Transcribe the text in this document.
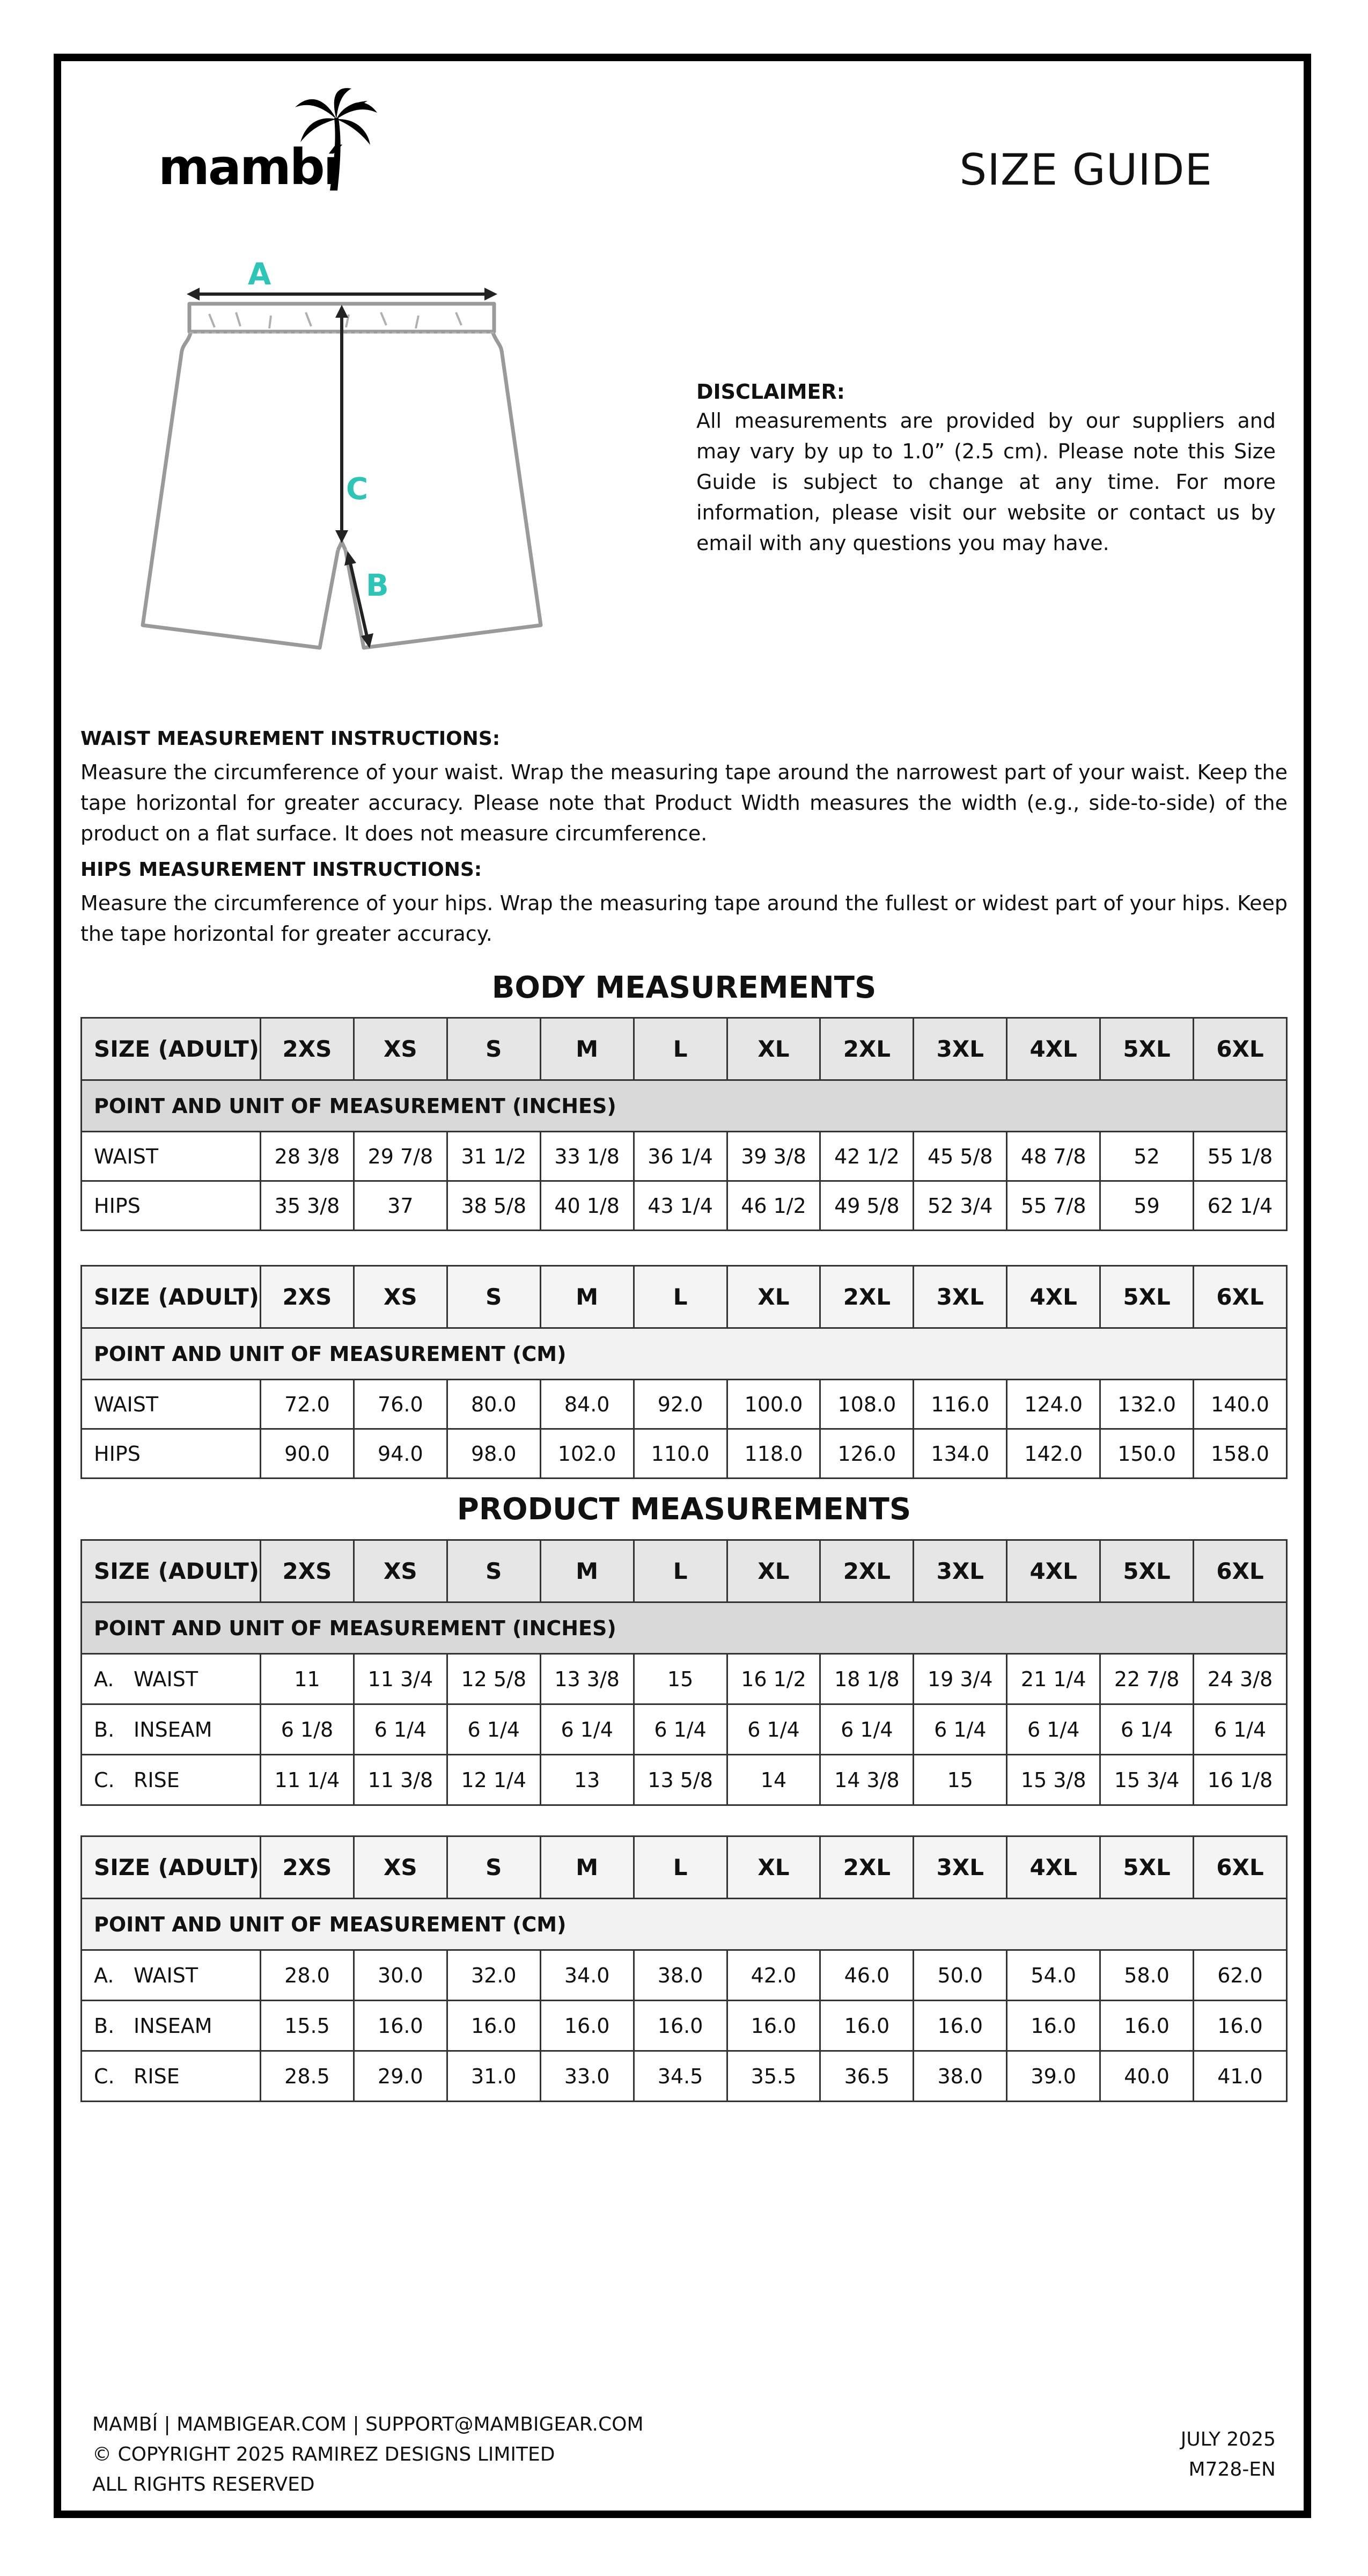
mambí	SIZE GUIDE
A
C
B

DISCLAIMER:

All measurements are provided by our suppliers and may vary by up to 1.0” (2.5 cm). Please note this Size Guide is subject to change at any time. For more information, please visit our website or contact us by email with any questions you may have.

WAIST MEASUREMENT INSTRUCTIONS:

Measure the circumference of your waist. Wrap the measuring tape around the narrowest part of your waist. Keep the tape horizontal for greater accuracy. Please note that Product Width measures the width (e.g., side-to-side) of the product on a flat surface. It does not measure circumference.

HIPS MEASUREMENT INSTRUCTIONS:

Measure the circumference of your hips. Wrap the measuring tape around the fullest or widest part of your hips. Keep the tape horizontal for greater accuracy.

BODY MEASUREMENTS
SIZE (ADULT)	2XS	XS	S	M	L	XL	2XL	3XL	4XL	5XL	6XL
POINT AND UNIT OF MEASUREMENT (INCHES)											
WAIST	28 3/8	29 7/8	31 1/2	33 1/8	36 1/4	39 3/8	42 1/2	45 5/8	48 7/8	52	55 1/8
HIPS	35 3/8	37	38 5/8	40 1/8	43 1/4	46 1/2	49 5/8	52 3/4	55 7/8	59	62 1/4
SIZE (ADULT)	2XS	XS	S	M	L	XL	2XL	3XL	4XL	5XL	6XL
POINT AND UNIT OF MEASUREMENT (CM)											
WAIST	72.0	76.0	80.0	84.0	92.0	100.0	108.0	116.0	124.0	132.0	140.0
HIPS	90.0	94.0	98.0	102.0	110.0	118.0	126.0	134.0	142.0	150.0	158.0
PRODUCT MEASUREMENTS
SIZE (ADULT)	2XS	XS	S	M	L	XL	2XL	3XL	4XL	5XL	6XL
POINT AND UNIT OF MEASUREMENT (INCHES)											
A. WAIST	11	11 3/4	12 5/8	13 3/8	15	16 1/2	18 1/8	19 3/4	21 1/4	22 7/8	24 3/8
B. INSEAM	6 1/8	6 1/4	6 1/4	6 1/4	6 1/4	6 1/4	6 1/4	6 1/4	6 1/4	6 1/4	6 1/4
C. RISE	11 1/4	11 3/8	12 1/4	13	13 5/8	14	14 3/8	15	15 3/8	15 3/4	16 1/8
SIZE (ADULT)	2XS	XS	S	M	L	XL	2XL	3XL	4XL	5XL	6XL
POINT AND UNIT OF MEASUREMENT (CM)											
A. WAIST	28.0	30.0	32.0	34.0	38.0	42.0	46.0	50.0	54.0	58.0	62.0
B. INSEAM	15.5	16.0	16.0	16.0	16.0	16.0	16.0	16.0	16.0	16.0	16.0
C. RISE	28.5	29.0	31.0	33.0	34.5	35.5	36.5	38.0	39.0	40.0	41.0
MAMBÍ | MAMBIGEAR.COM | SUPPORT@MAMBIGEAR.COM
© COPYRIGHT 2025 RAMIREZ DESIGNS LIMITED
ALL RIGHTS RESERVED
JULY 2025
M728-EN
